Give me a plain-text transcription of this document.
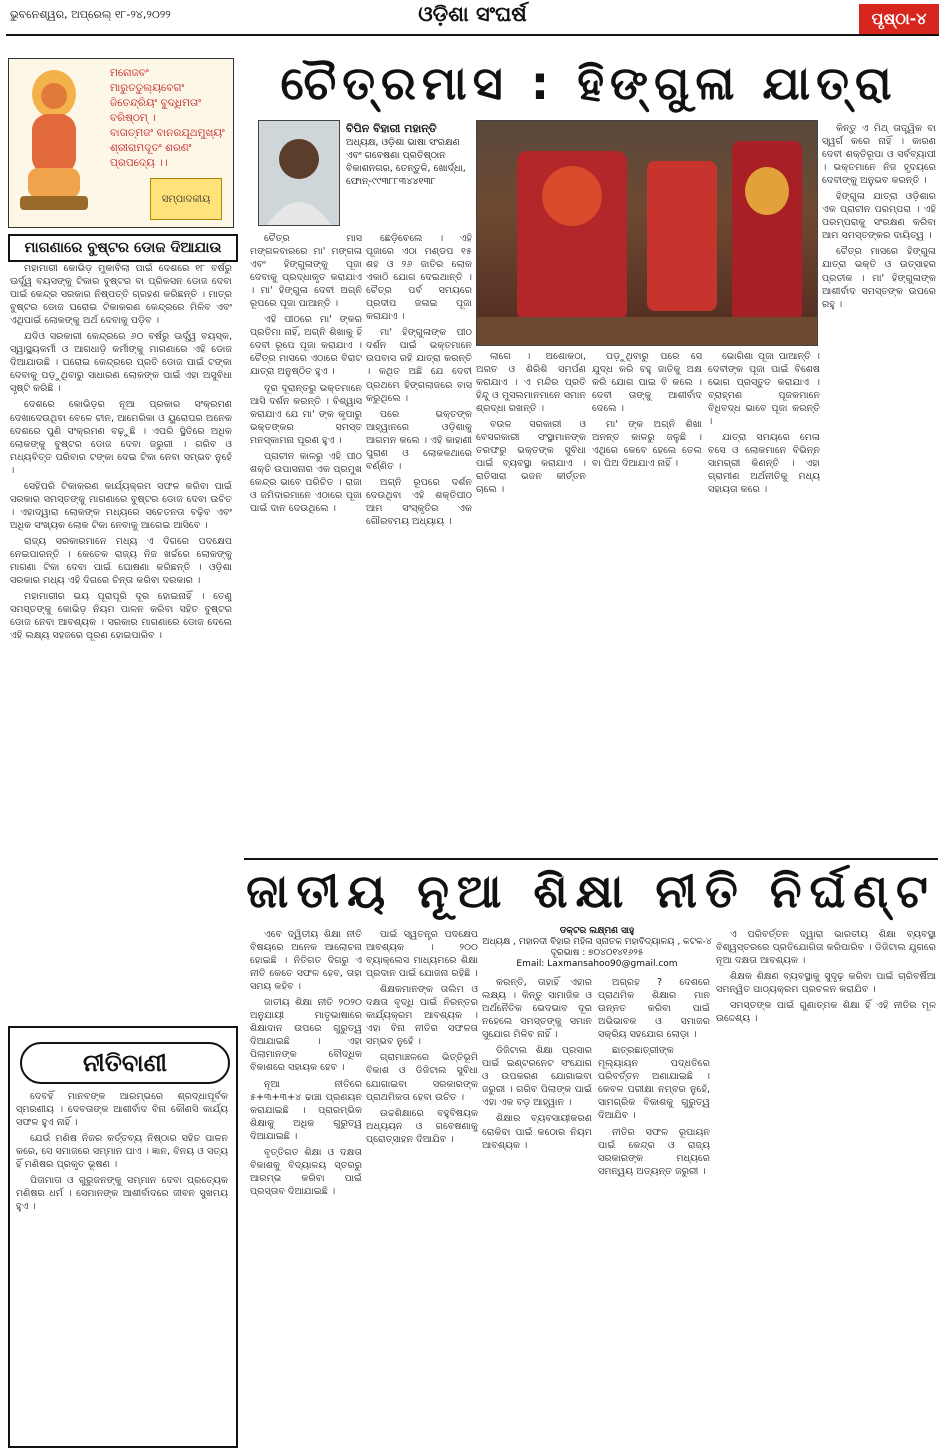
ଭୁବନେଶ୍ୱର, ଅପ୍ରେଲ୍ ୧୮-୨୪,୨୦୨୨	ଓଡ଼ିଶା ସଂଘର୍ଷ	ପୃଷ୍ଠା-୪
ମନୋଜବଂ
ମାରୁତତୁଲ୍ୟବେଗଂ
ଜିତେନ୍ଦ୍ରିୟଂ ବୁଦ୍ଧିମତାଂ
ବରିଷ୍ଠମ୍ ।
ବାତାତ୍ମଜଂ ବାନରଯୂଥମୁଖ୍ୟଂ
ଶ୍ରୀରାମଦୂତଂ ଶରଣଂ
ପ୍ରପଦ୍ୟେ ।।
ସମ୍ପାଦକୀୟ
ମାଗଣାରେ ବୁଷ୍ଟର ଡୋଜ ଦିଆଯାଉ

ମହାମାରୀ କୋଭିଡ଼ ମୁକାବିଲା ପାଇଁ ଦେଶରେ ୧୮ ବର୍ଷରୁ ଊର୍ଦ୍ଧ୍ୱ ବୟସଙ୍କୁ ଟିକାର ବୁଷ୍ଟର ବା ପ୍ରିକସନ ଡୋଜ ଦେବା ପାଇଁ କେନ୍ଦ୍ର ସରକାର ନିଷ୍ପତ୍ତି ଗ୍ରହଣ କରିଛନ୍ତି । ମାତ୍ର ବୁଷ୍ଟର ଡୋଜ ଘରୋଇ ଟିକାକରଣ କେନ୍ଦ୍ରରେ ମିଳିବ ଏବଂ ଏଥିପାଇଁ ଲୋକଙ୍କୁ ଅର୍ଥ ଦେବାକୁ ପଡ଼ିବ ।

ଯଦିଓ ସରକାରୀ କେନ୍ଦ୍ରରେ ୬୦ ବର୍ଷରୁ ଊର୍ଦ୍ଧ୍ୱ ବୟସ୍କ, ସ୍ୱାସ୍ଥ୍ୟକର୍ମୀ ଓ ଆଗଧାଡ଼ି କର୍ମୀଙ୍କୁ ମାଗଣାରେ ଏହି ଡୋଜ ଦିଆଯାଉଛି । ଘରୋଇ କେନ୍ଦ୍ରରେ ପ୍ରତି ଡୋଜ ପାଇଁ ଟଙ୍କା ଦେବାକୁ ପଡ଼ୁଥିବାରୁ ସାଧାରଣ ଲୋକଙ୍କ ପାଇଁ ଏହା ଅସୁବିଧା ସୃଷ୍ଟି କରିଛି ।

ଦେଶରେ କୋଭିଡ଼ର ନୂଆ ପ୍ରକାର ସଂକ୍ରମଣ ଦେଖାଦେଉଥିବା ବେଳେ ଚୀନ, ଆମେରିକା ଓ ୟୁରୋପର ଅନେକ ଦେଶରେ ପୁଣି ସଂକ୍ରମଣ ବଢ଼ୁଛି । ଏପରି ସ୍ଥିତିରେ ଅଧିକ ଲୋକଙ୍କୁ ବୁଷ୍ଟର ଡୋଜ ଦେବା ଜରୁରୀ । ଗରିବ ଓ ମଧ୍ୟବିତ୍ତ ପରିବାର ଟଙ୍କା ଦେଇ ଟିକା ନେବା ସମ୍ଭବ ନୁହେଁ ।

ସେହିପରି ଟିକାକରଣ କାର୍ଯ୍ୟକ୍ରମ ସଫଳ କରିବା ପାଇଁ ସରକାର ସମସ୍ତଙ୍କୁ ମାଗଣାରେ ବୁଷ୍ଟର ଡୋଜ ଦେବା ଉଚିତ । ଏହାଦ୍ୱାରା ଲୋକଙ୍କ ମଧ୍ୟରେ ସଚେତନତା ବଢ଼ିବ ଏବଂ ଅଧିକ ସଂଖ୍ୟକ ଲୋକ ଟିକା ନେବାକୁ ଆଗେଇ ଆସିବେ ।

ରାଜ୍ୟ ସରକାରମାନେ ମଧ୍ୟ ଏ ଦିଗରେ ପଦକ୍ଷେପ ନେଇପାରନ୍ତି । କେତେକ ରାଜ୍ୟ ନିଜ ଖର୍ଚ୍ଚରେ ଲୋକଙ୍କୁ ମାଗଣା ଟିକା ଦେବା ପାଇଁ ଘୋଷଣା କରିଛନ୍ତି । ଓଡ଼ିଶା ସରକାର ମଧ୍ୟ ଏହି ଦିଗରେ ଚିନ୍ତା କରିବା ଦରକାର ।

ମହାମାରୀର ଭୟ ପୂରାପୂରି ଦୂର ହୋଇନାହିଁ । ତେଣୁ ସମସ୍ତଙ୍କୁ କୋଭିଡ଼ ନିୟମ ପାଳନ କରିବା ସହିତ ବୁଷ୍ଟର ଡୋଜ ନେବା ଆବଶ୍ୟକ । ସରକାର ମାଗଣାରେ ଡୋଜ ଦେଲେ ଏହି ଲକ୍ଷ୍ୟ ସହଜରେ ପୂରଣ ହୋଇପାରିବ ।

ନୀତିବାଣୀ

ଦେବହିଁ ମାନବଙ୍କ ଆରମ୍ଭରେ ଶ୍ରଦ୍ଧାପୂର୍ବକ ସ୍ମରଣୀୟ । ଦେବତାଙ୍କ ଆଶୀର୍ବାଦ ବିନା କୌଣସି କାର୍ଯ୍ୟ ସଫଳ ହୁଏ ନାହିଁ ।

ଯେଉଁ ମଣିଷ ନିଜର କର୍ତ୍ତବ୍ୟ ନିଷ୍ଠାର ସହିତ ପାଳନ କରେ, ସେ ସମାଜରେ ସମ୍ମାନ ପାଏ । ଜ୍ଞାନ, ବିନୟ ଓ ସତ୍ୟ ହିଁ ମଣିଷର ପ୍ରକୃତ ଭୂଷଣ ।

ପିତାମାତା ଓ ଗୁରୁଜନଙ୍କୁ ସମ୍ମାନ ଦେବା ପ୍ରତ୍ୟେକ ମଣିଷର ଧର୍ମ । ସେମାନଙ୍କ ଆଶୀର୍ବାଦରେ ଜୀବନ ସୁଖମୟ ହୁଏ ।

ଚୈତ୍ରମାସ : ହିଙ୍ଗୁଳା ଯାତ୍ରା
ବିପିନ ବିହାରୀ ମହାନ୍ତି
ଅଧ୍ୟକ୍ଷ, ଓଡ଼ିଶା ଭାଷା ସଂରକ୍ଷଣ
ଏବଂ ଗବେଷଣା ପ୍ରତିଷ୍ଠାନ
ବିକାଶନଗର, ତେନ୍ତୁଳି, ଖୋର୍ଦ୍ଧା,
ଫୋନ୍-୯୯୩୮୮୩୪୪୧୩୮

ଚୈତ୍ର ମାସ ମଙ୍ଗଳବାରରେ ମା' ମଙ୍ଗଳା ଏବଂ ହିଙ୍ଗୁଳାଙ୍କୁ ପୂଜା ଦେବାକୁ ପ୍ରଦ୍ଧାକୃତ କରାଯାଏ । ମା' ହିଙ୍ଗୁଳା ଦେବୀ ଅଗ୍ନି ରୂପରେ ପୂଜା ପାଆନ୍ତି ।

ଏହି ପୀଠରେ ମା' ଙ୍କର ପ୍ରତିମା ନାହିଁ, ଅଗ୍ନି ଶିଖାକୁ ହିଁ ଦେବୀ ରୂପେ ପୂଜା କରାଯାଏ । ଚୈତ୍ର ମାସରେ ଏଠାରେ ବିରାଟ ଯାତ୍ରା ଅନୁଷ୍ଠିତ ହୁଏ ।

ଦୂର ଦୂରାନ୍ତରୁ ଭକ୍ତମାନେ ଆସି ଦର୍ଶନ କରନ୍ତି । ବିଶ୍ୱାସ କରାଯାଏ ଯେ ମା' ଙ୍କ କୃପାରୁ ଭକ୍ତଙ୍କର ସମସ୍ତ ମନସ୍କାମନା ପୂରଣ ହୁଏ ।

ପ୍ରାଚୀନ କାଳରୁ ଏହି ପୀଠ ଶକ୍ତି ଉପାସନାର ଏକ ପ୍ରମୁଖ କେନ୍ଦ୍ର ଭାବେ ପରିଚିତ । ରାଜା ଓ ଜମିଦାରମାନେ ଏଠାରେ ପୂଜା ପାଇଁ ଦାନ ଦେଉଥିଲେ ।

ଛେଡ଼ିବେଲେ । ଏହି ପୂଜାରେ ଏଠା ମଣ୍ଡପ ୧୫ ଶହ ଓ ୨୬ ଜାତିର ଲୋକ ଏକାଠି ଯୋଗ ଦେଇଥାନ୍ତି । ଚୈତ୍ର ପର୍ବ ସମୟରେ ପ୍ରଦୀପ ଜଳାଇ ପୂଜା କରାଯାଏ ।

ମା' ହିଙ୍ଗୁଳାଙ୍କ ପୀଠ ଦର୍ଶନ ପାଇଁ ଭକ୍ତମାନେ ଉପବାସ ରହି ଯାତ୍ରା କରନ୍ତି । କଥିତ ଅଛି ଯେ ଦେବୀ ପ୍ରଥମେ ହିଙ୍ଗଲାଜରେ ବାସ କରୁଥିଲେ ।

ପରେ ଭକ୍ତଙ୍କ ଆହ୍ୱାନରେ ଓଡ଼ିଶାକୁ ଆଗମନ କଲେ । ଏହି କାହାଣୀ ପୁରାଣ ଓ ଲୋକକଥାରେ ବର୍ଣ୍ଣିତ ।

ଅଗ୍ନି ରୂପରେ ଦର୍ଶନ ଦେଉଥିବା ଏହି ଶକ୍ତିପୀଠ ଆମ ସଂସ୍କୃତିର ଏକ ଗୌରବମୟ ଅଧ୍ୟାୟ ।

ଲାଗେ । ଅଶୋକଠା, ଅରତ ଓ ଶିରିଶି ସମର୍ପଣ କରାଯାଏ । ଏ ମନ୍ଦିର ପ୍ରତି ହିନ୍ଦୁ ଓ ମୁସଲମାନମାନେ ସମାନ ଶ୍ରଦ୍ଧା ରଖନ୍ତି ।

ବଉଳ ସରକାରୀ ଓ ବେସରକାରୀ ସଂସ୍ଥାମାନଙ୍କ ତରଫରୁ ଭକ୍ତଙ୍କ ସୁବିଧା ପାଇଁ ବ୍ୟବସ୍ଥା କରାଯାଏ । ରାତିସାରା ଭଜନ କୀର୍ତ୍ତନ ଚାଲେ ।

ପଡ଼ୁଥିବାରୁ ପରେ ସେ ଯୁଦ୍ଧ କରି ବହୁ ଜାତିକୁ ଅକ୍ଷ କରି ଯୋଗ ପାଇ ବି କଲେ । ଦେବୀ ତାଙ୍କୁ ଆଶୀର୍ବାଦ ଦେଲେ ।

ମା' ଙ୍କ ଅଗ୍ନି ଶିଖା ଅନନ୍ତ କାଳରୁ ଜଳୁଛି । ଏଥିରେ କେବେ ହେଲେ ତେଲ ବା ଘିଅ ଦିଆଯାଏ ନାହିଁ ।

ଭୋଗିଶା ପୂଜା ପାଆନ୍ତି । ଦେବୀଙ୍କ ପୂଜା ପାଇଁ ବିଶେଷ ଭୋଗ ପ୍ରସ୍ତୁତ କରାଯାଏ । ବ୍ରାହ୍ମଣ ପୂଜକମାନେ ବିଧିବଦ୍ଧ ଭାବେ ପୂଜା କରନ୍ତି ।

ଯାତ୍ରା ସମୟରେ ମେଳା ବସେ ଓ ଲୋକମାନେ ବିଭିନ୍ନ ସାମଗ୍ରୀ କିଣନ୍ତି । ଏହା ଗ୍ରାମୀଣ ଅର୍ଥନୀତିକୁ ମଧ୍ୟ ସହାୟତା କରେ ।

କିନ୍ତୁ ଏ ମିଥ୍ ତାତ୍ତ୍ୱିକ ବା ସ୍ୱର୍ଗ କରେ ନାହିଁ । କାରଣ ଦେବୀ ଶକ୍ତିରୂପା ଓ ସର୍ବବ୍ୟାପୀ । ଭକ୍ତମାନେ ନିଜ ହୃଦୟରେ ଦେବୀଙ୍କୁ ଅନୁଭବ କରନ୍ତି ।

ହିଙ୍ଗୁଳା ଯାତ୍ରା ଓଡ଼ିଶାର ଏକ ପ୍ରାଚୀନ ପରମ୍ପରା । ଏହି ପରମ୍ପରାକୁ ସଂରକ୍ଷଣ କରିବା ଆମ ସମସ୍ତଙ୍କର ଦାୟିତ୍ୱ ।

ଚୈତ୍ର ମାସରେ ହିଙ୍ଗୁଳା ଯାତ୍ରା ଭକ୍ତି ଓ ଉତ୍ସାହର ପ୍ରତୀକ । ମା' ହିଙ୍ଗୁଳାଙ୍କ ଆଶୀର୍ବାଦ ସମସ୍ତଙ୍କ ଉପରେ ରହୁ ।

ଜାତୀୟ ନୂଆ ଶିକ୍ଷା ନୀତି ନିର୍ଘଣ୍ଟ

ଏବେ ଦ୍ୱିତୀୟ ଶିକ୍ଷା ନୀତି ବିଷୟରେ ଅନେକ ଆଲୋଚନା ହୋଇଛି । ନିତିଗତ ଦିଗରୁ ଏ ନୀତି କେତେ ସଫଳ ହେବ, ତାହା ସମୟ କହିବ ।

ଜାତୀୟ ଶିକ୍ଷା ନୀତି ୨୦୨୦ ଅନୁଯାୟୀ ମାତୃଭାଷାରେ ଶିକ୍ଷାଦାନ ଉପରେ ଗୁରୁତ୍ୱ ଦିଆଯାଇଛି । ଏହା ପିଲାମାନଙ୍କ ବୌଦ୍ଧିକ ବିକାଶରେ ସହାୟକ ହେବ ।

ନୂଆ ନୀତିରେ ୫+୩+୩+୪ ଢାଞ୍ଚା ପ୍ରଣୟନ କରାଯାଇଛି । ପ୍ରାରମ୍ଭିକ ଶିକ୍ଷାକୁ ଅଧିକ ଗୁରୁତ୍ୱ ଦିଆଯାଇଛି ।

ବୃତ୍ତିଗତ ଶିକ୍ଷା ଓ ଦକ୍ଷତା ବିକାଶକୁ ବିଦ୍ୟାଳୟ ସ୍ତରରୁ ଆରମ୍ଭ କରିବା ପାଇଁ ପ୍ରସ୍ତାବ ଦିଆଯାଇଛି ।

ପାଇଁ ସ୍ୱତନ୍ତ୍ର ପଦକ୍ଷେପ ଆବଶ୍ୟକ । ୨୦୦ ବ୍ୟାକ୍ଲେସ ମାଧ୍ୟମରେ ଶିକ୍ଷା ପ୍ରଦାନ ପାଇଁ ଯୋଜନା ରହିଛି ।

ଶିକ୍ଷକମାନଙ୍କ ତାଲିମ ଓ ଦକ୍ଷତା ବୃଦ୍ଧି ପାଇଁ ନିରନ୍ତର କାର୍ଯ୍ୟକ୍ରମ ଆବଶ୍ୟକ । ଏହା ବିନା ନୀତିର ସଫଳତା ସମ୍ଭବ ନୁହେଁ ।

ଗ୍ରାମାଞ୍ଚଳରେ ଭିତ୍ତିଭୂମି ବିକାଶ ଓ ଡିଜିଟାଲ ସୁବିଧା ଯୋଗାଇବା ସରକାରଙ୍କ ପ୍ରାଥମିକତା ହେବା ଉଚିତ ।

ଉଚ୍ଚଶିକ୍ଷାରେ ବହୁବିଷୟକ ଅଧ୍ୟୟନ ଓ ଗବେଷଣାକୁ ପ୍ରୋତ୍ସାହନ ଦିଆଯିବ ।

ଡକ୍ଟର ଲକ୍ଷ୍ମଣ ସାହୁ
ଅଧ୍ୟକ୍ଷ , ମହାନଦୀ ବିହାର ମହିଳା ସ୍ନାତକ ମହାବିଦ୍ୟାଳୟ , କଟକ-୪
ଦୂରଭାଷ : ୭୦୪୦୧୪୧୬୨୫
Email: Laxmansahoo90@gmail.com

କରନ୍ତି, ତାହାହିଁ ଏହାର ଲକ୍ଷ୍ୟ । କିନ୍ତୁ ସାମାଜିକ ଓ ଅର୍ଥନୈତିକ ଭେଦଭାବ ଦୂର ନହେଲେ ସମସ୍ତଙ୍କୁ ସମାନ ସୁଯୋଗ ମିଳିବ ନାହିଁ ।

ଡିଜିଟାଲ ଶିକ୍ଷା ପ୍ରସାର ପାଇଁ ଇଣ୍ଟରନେଟ ସଂଯୋଗ ଓ ଉପକରଣ ଯୋଗାଇବା ଜରୁରୀ । ଗରିବ ପିଲାଙ୍କ ପାଇଁ ଏହା ଏକ ବଡ଼ ଆହ୍ୱାନ ।

ଶିକ୍ଷାର ବ୍ୟବସାୟୀକରଣ ରୋକିବା ପାଇଁ କଠୋର ନିୟମ ଆବଶ୍ୟକ ।

ଅଗ୍ରହ ? ଦେଶରେ ପ୍ରାଥମିକ ଶିକ୍ଷାର ମାନ ଉନ୍ନତ କରିବା ପାଇଁ ଅଭିଭାବକ ଓ ସମାଜର ସକ୍ରିୟ ସହଯୋଗ ଲୋଡ଼ା ।

ଛାତ୍ରଛାତ୍ରୀଙ୍କ ମୂଲ୍ୟାୟନ ପଦ୍ଧତିରେ ପରିବର୍ତ୍ତନ ଅଣାଯାଇଛି । କେବଳ ପରୀକ୍ଷା ନମ୍ବର ନୁହେଁ, ସାମଗ୍ରିକ ବିକାଶକୁ ଗୁରୁତ୍ୱ ଦିଆଯିବ ।

ନୀତିର ସଫଳ ରୂପାୟନ ପାଇଁ କେନ୍ଦ୍ର ଓ ରାଜ୍ୟ ସରକାରଙ୍କ ମଧ୍ୟରେ ସମନ୍ୱୟ ଅତ୍ୟନ୍ତ ଜରୁରୀ ।

ଏ ପରିବର୍ତ୍ତନ ଦ୍ୱାରା ଭାରତୀୟ ଶିକ୍ଷା ବ୍ୟବସ୍ଥା ବିଶ୍ୱସ୍ତରରେ ପ୍ରତିଯୋଗିତା କରିପାରିବ । ଡିଜିଟାଲ ଯୁଗରେ ନୂଆ ଦକ୍ଷତା ଆବଶ୍ୟକ ।

ଶିକ୍ଷକ ଶିକ୍ଷଣ ବ୍ୟବସ୍ଥାକୁ ସୁଦୃଢ଼ କରିବା ପାଇଁ ଚାରିବର୍ଷିଆ ସମନ୍ୱିତ ପାଠ୍ୟକ୍ରମ ପ୍ରଚଳନ କରାଯିବ ।

ସମସ୍ତଙ୍କ ପାଇଁ ଗୁଣାତ୍ମକ ଶିକ୍ଷା ହିଁ ଏହି ନୀତିର ମୂଳ ଉଦ୍ଦେଶ୍ୟ ।
